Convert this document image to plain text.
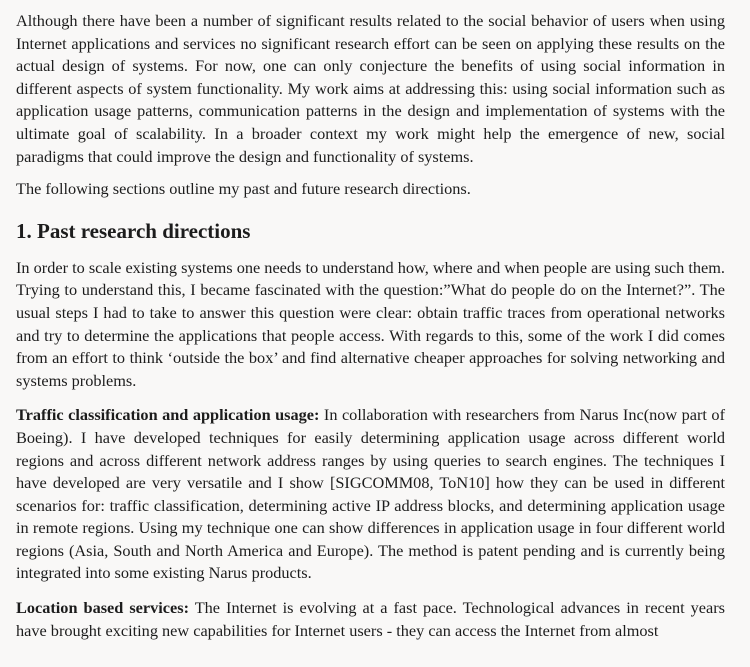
Although there have been a number of significant results related to the social behavior of users when using Internet applications and services no significant research effort can be seen on applying these results on the actual design of systems. For now, one can only conjecture the benefits of using social information in different aspects of system functionality. My work aims at addressing this: using social information such as application usage patterns, communication patterns in the design and implementation of systems with the ultimate goal of scalability. In a broader context my work might help the emergence of new, social paradigms that could improve the design and functionality of systems.

The following sections outline my past and future research directions.

1. Past research directions

In order to scale existing systems one needs to understand how, where and when people are using such them. Trying to understand this, I became fascinated with the question:”What do people do on the Internet?”. The usual steps I had to take to answer this question were clear: obtain traffic traces from operational networks and try to determine the applications that people access. With regards to this, some of the work I did comes from an effort to think ‘outside the box’ and find alternative cheaper approaches for solving networking and systems problems.

Traffic classification and application usage: In collaboration with researchers from Narus Inc(now part of Boeing). I have developed techniques for easily determining application usage across different world regions and across different network address ranges by using queries to search engines. The techniques I have developed are very versatile and I show [SIGCOMM08, ToN10] how they can be used in different scenarios for: traffic classification, determining active IP address blocks, and determining application usage in remote regions. Using my technique one can show differences in application usage in four different world regions (Asia, South and North America and Europe). The method is patent pending and is currently being integrated into some existing Narus products.

Location based services: The Internet is evolving at a fast pace. Technological advances in recent years have brought exciting new capabilities for Internet users - they can access the Internet from almost
